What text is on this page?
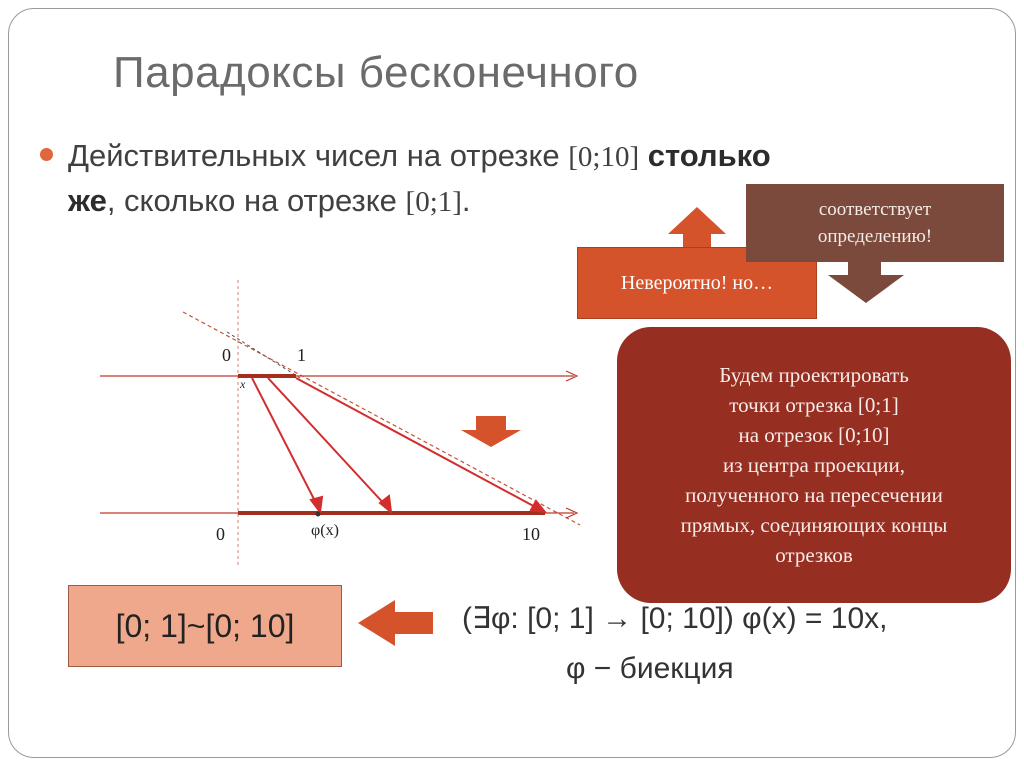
Парадоксы бесконечного
Действительных чисел на отрезке [0;10] столько
же, сколько на отрезке [0;1].
0	1
x
0	φ(x)	10
Невероятно! но…
соответствует
определению!
Будем проектировать
точки отрезка [0;1]
на отрезок [0;10]
из центра проекции,
полученного на пересечении
прямых, соединяющих концы
отрезков
[0; 1]~[0; 10]	(∃φ: [0; 1] → [0; 10]) φ(x) = 10x,
φ − биекция
